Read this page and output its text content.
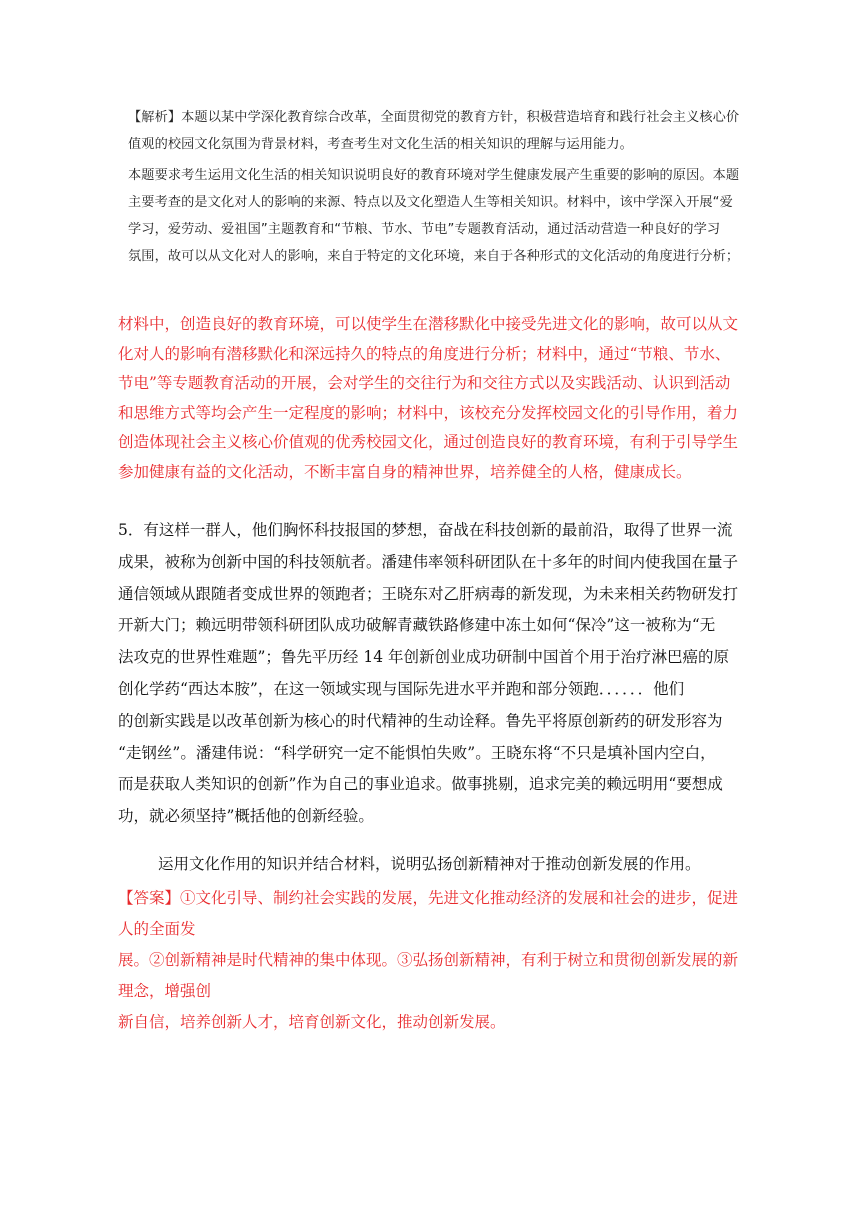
【解析】本题以某中学深化教育综合改革，全面贯彻党的教育方针，积极营造培育和践行社会主义核心价

值观的校园文化氛围为背景材料，考查考生对文化生活的相关知识的理解与运用能力。

本题要求考生运用文化生活的相关知识说明良好的教育环境对学生健康发展产生重要的影响的原因。本题

主要考查的是文化对人的影响的来源、特点以及文化塑造人生等相关知识。材料中，该中学深入开展“爱

学习，爱劳动、爱祖国”主题教育和“节粮、节水、节电”专题教育活动，通过活动营造一种良好的学习

氛围，故可以从文化对人的影响，来自于特定的文化环境，来自于各种形式的文化活动的角度进行分析；

材料中，创造良好的教育环境，可以使学生在潜移默化中接受先进文化的影响，故可以从文

化对人的影响有潜移默化和深远持久的特点的角度进行分析；材料中，通过“节粮、节水、

节电”等专题教育活动的开展，会对学生的交往行为和交往方式以及实践活动、认识到活动

和思维方式等均会产生一定程度的影响；材料中，该校充分发挥校园文化的引导作用，着力

创造体现社会主义核心价值观的优秀校园文化，通过创造良好的教育环境，有利于引导学生

参加健康有益的文化活动，不断丰富自身的精神世界，培养健全的人格，健康成长。

5．有这样一群人，他们胸怀科技报国的梦想，奋战在科技创新的最前沿，取得了世界一流

成果，被称为创新中国的科技领航者。潘建伟率领科研团队在十多年的时间内使我国在量子

通信领域从跟随者变成世界的领跑者；王晓东对乙肝病毒的新发现，为未来相关药物研发打

开新大门；赖远明带领科研团队成功破解青藏铁路修建中冻土如何“保冷”这一被称为“无

法攻克的世界性难题”；鲁先平历经 14 年创新创业成功研制中国首个用于治疗淋巴癌的原

创化学药“西达本胺”，在这一领域实现与国际先进水平并跑和部分领跑．．．．．．他们

的创新实践是以改革创新为核心的时代精神的生动诠释。鲁先平将原创新药的研发形容为

“走钢丝”。潘建伟说：“科学研究一定不能惧怕失败”。王晓东将“不只是填补国内空白，

而是获取人类知识的创新”作为自己的事业追求。做事挑剔，追求完美的赖远明用“要想成

功，就必须坚持”概括他的创新经验。

运用文化作用的知识并结合材料，说明弘扬创新精神对于推动创新发展的作用。

【答案】①文化引导、制约社会实践的发展，先进文化推动经济的发展和社会的进步，促进

人的全面发

展。②创新精神是时代精神的集中体现。③弘扬创新精神，有利于树立和贯彻创新发展的新

理念，增强创

新自信，培养创新人才，培育创新文化，推动创新发展。
